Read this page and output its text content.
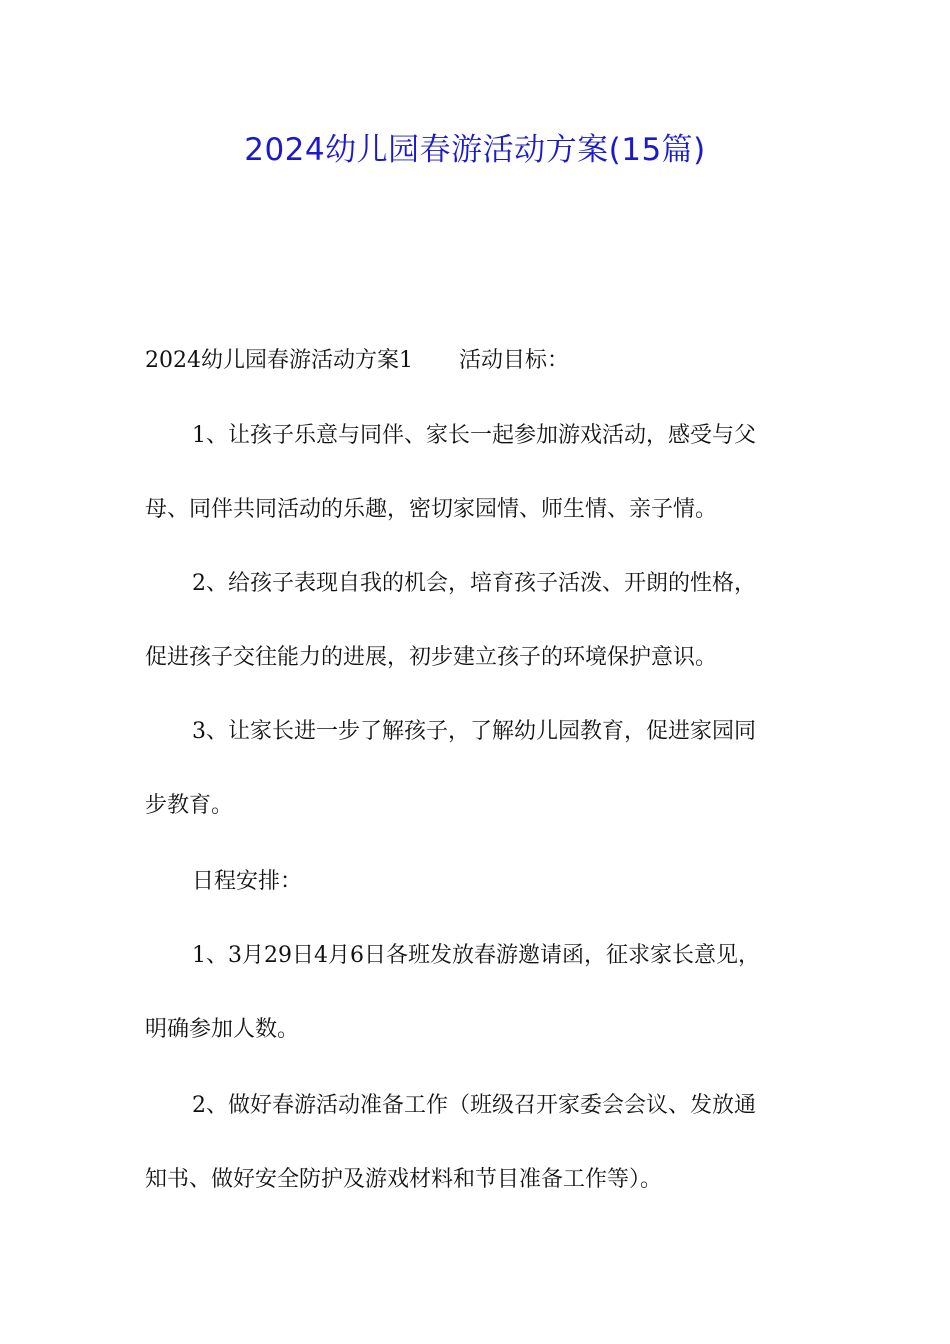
2024幼儿园春游活动方案(15篇)

2024幼儿园春游活动方案1 活动目标：

1、让孩子乐意与同伴、家长一起参加游戏活动，感受与父

母、同伴共同活动的乐趣，密切家园情、师生情、亲子情。

2、给孩子表现自我的机会，培育孩子活泼、开朗的性格，

促进孩子交往能力的进展，初步建立孩子的环境保护意识。

3、让家长进一步了解孩子，了解幼儿园教育，促进家园同

步教育。

日程安排：

1、3月29日4月6日各班发放春游邀请函，征求家长意见，

明确参加人数。

2、做好春游活动准备工作（班级召开家委会会议、发放通

知书、做好安全防护及游戏材料和节目准备工作等）。
